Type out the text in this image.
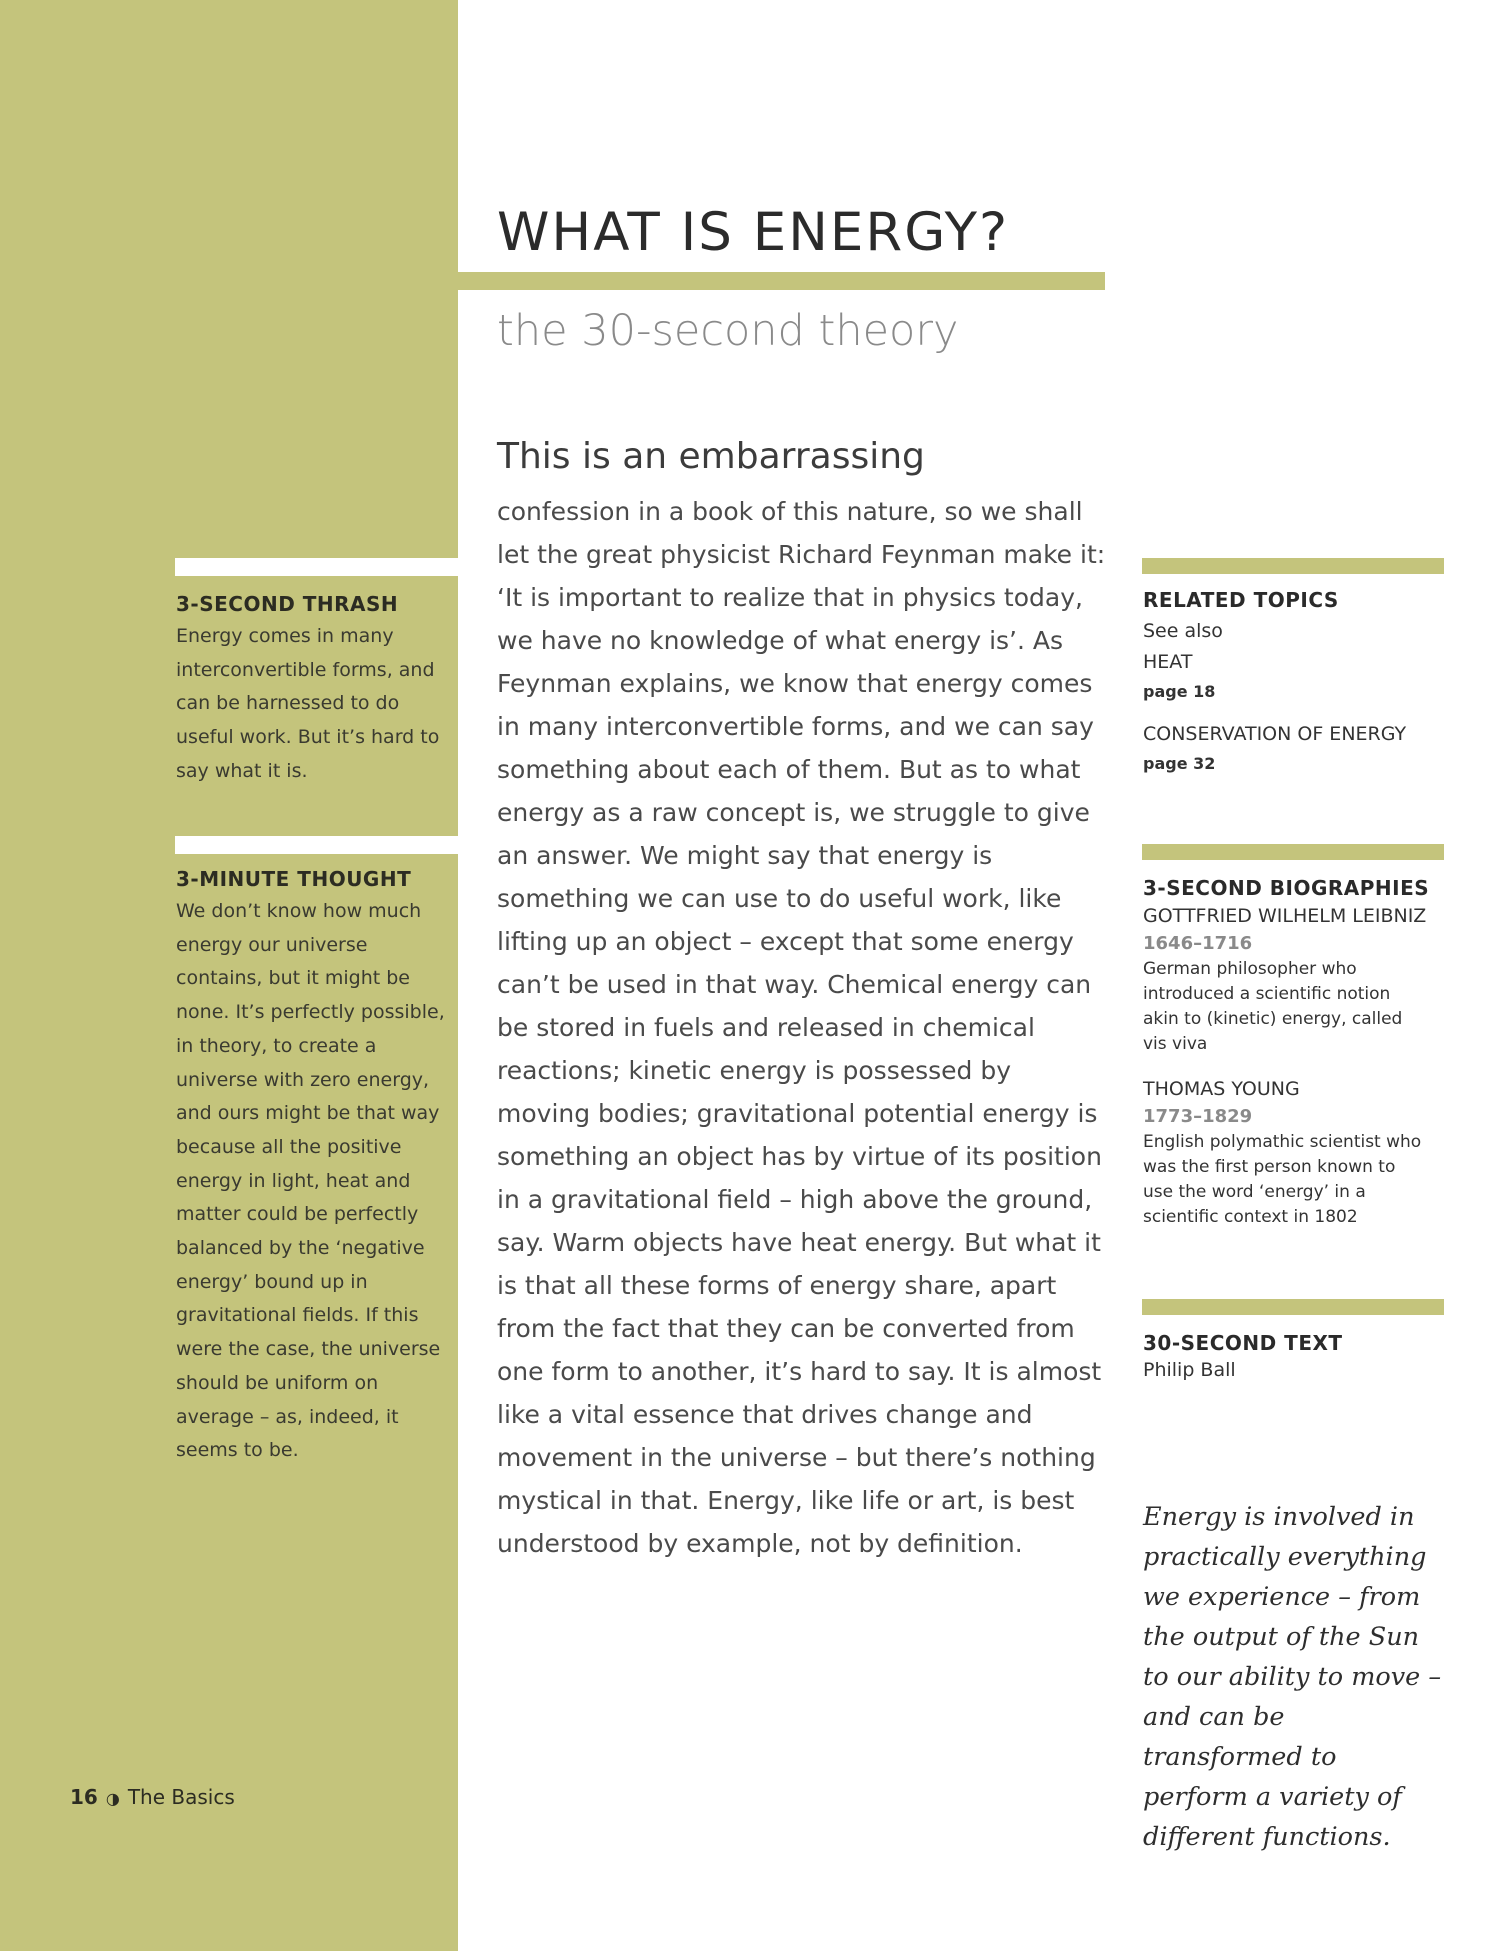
3-SECOND THRASH

Energy comes in many interconvertible forms, and can be harnessed to do useful work. But it’s hard to say what it is.

3-MINUTE THOUGHT

We don’t know how much energy our universe contains, but it might be none. It’s perfectly possible, in theory, to create a universe with zero energy, and ours might be that way because all the positive energy in light, heat and matter could be perfectly balanced by the ‘negative energy’ bound up in gravitational fields. If this were the case, the universe should be uniform on average – as, indeed, it seems to be.

16 ◑ The Basics
WHAT IS ENERGY?
the 30-second theory

This is an embarrassing

confession in a book of this nature, so we shall let the great physicist Richard Feynman make it: ‘It is important to realize that in physics today, we have no knowledge of what energy is’. As Feynman explains, we know that energy comes in many interconvertible forms, and we can say something about each of them. But as to what energy as a raw concept is, we struggle to give an answer. We might say that energy is something we can use to do useful work, like lifting up an object – except that some energy can’t be used in that way. Chemical energy can be stored in fuels and released in chemical reactions; kinetic energy is possessed by moving bodies; gravitational potential energy is something an object has by virtue of its position in a gravitational field – high above the ground, say. Warm objects have heat energy. But what it is that all these forms of energy share, apart from the fact that they can be converted from one form to another, it’s hard to say. It is almost like a vital essence that drives change and movement in the universe – but there’s nothing mystical in that. Energy, like life or art, is best understood by example, not by definition.

RELATED TOPICS

See also

HEAT

page 18

CONSERVATION OF ENERGY

page 32

3-SECOND BIOGRAPHIES

GOTTFRIED WILHELM LEIBNIZ

1646–1716

German philosopher who introduced a scientific notion akin to (kinetic) energy, called vis viva

THOMAS YOUNG

1773–1829

English polymathic scientist who was the first person known to use the word ‘energy’ in a scientific context in 1802

30-SECOND TEXT

Philip Ball

Energy is involved in practically everything we experience – from the output of the Sun to our ability to move – and can be transformed to perform a variety of different functions.
